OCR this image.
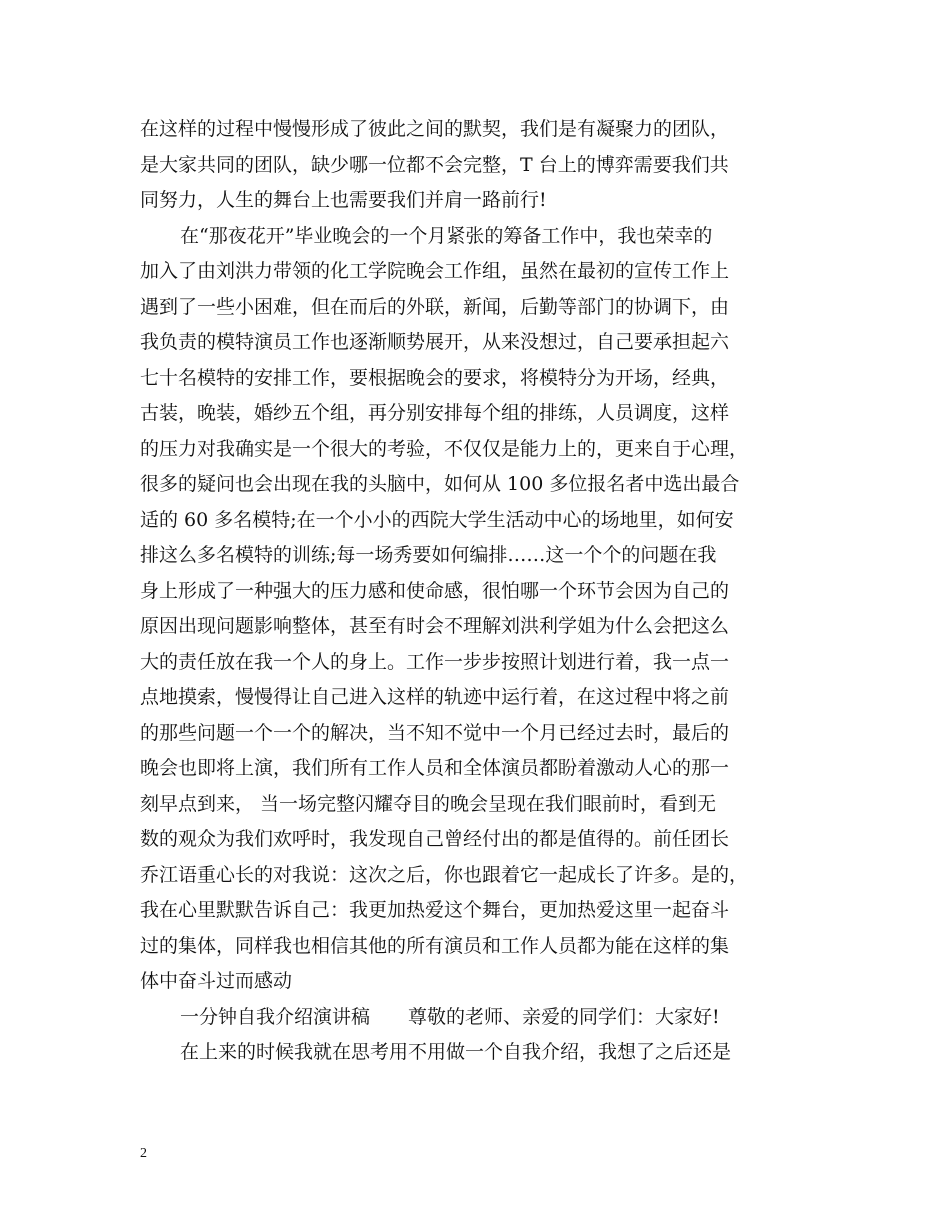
在这样的过程中慢慢形成了彼此之间的默契，我们是有凝聚力的团队，
是大家共同的团队，缺少哪一位都不会完整，T 台上的博弈需要我们共
同努力，人生的舞台上也需要我们并肩一路前行!
在“那夜花开”毕业晚会的一个月紧张的筹备工作中，我也荣幸的
加入了由刘洪力带领的化工学院晚会工作组，虽然在最初的宣传工作上
遇到了一些小困难，但在而后的外联，新闻，后勤等部门的协调下，由
我负责的模特演员工作也逐渐顺势展开，从来没想过，自己要承担起六
七十名模特的安排工作，要根据晚会的要求，将模特分为开场，经典，
古装，晚装，婚纱五个组，再分别安排每个组的排练，人员调度，这样
的压力对我确实是一个很大的考验，不仅仅是能力上的，更来自于心理，
很多的疑问也会出现在我的头脑中，如何从 100 多位报名者中选出最合
适的 60 多名模特;在一个小小的西院大学生活动中心的场地里，如何安
排这么多名模特的训练;每一场秀要如何编排……这一个个的问题在我
身上形成了一种强大的压力感和使命感，很怕哪一个环节会因为自己的
原因出现问题影响整体，甚至有时会不理解刘洪利学姐为什么会把这么
大的责任放在我一个人的身上。工作一步步按照计划进行着，我一点一
点地摸索，慢慢得让自己进入这样的轨迹中运行着，在这过程中将之前
的那些问题一个一个的解决，当不知不觉中一个月已经过去时，最后的
晚会也即将上演，我们所有工作人员和全体演员都盼着激动人心的那一
刻早点到来， 当一场完整闪耀夺目的晚会呈现在我们眼前时，看到无
数的观众为我们欢呼时，我发现自己曾经付出的都是值得的。前任团长
乔江语重心长的对我说：这次之后，你也跟着它一起成长了许多。是的，
我在心里默默告诉自己：我更加热爱这个舞台，更加热爱这里一起奋斗
过的集体，同样我也相信其他的所有演员和工作人员都为能在这样的集
体中奋斗过而感动
一分钟自我介绍演讲稿　　尊敬的老师、亲爱的同学们：大家好!
在上来的时候我就在思考用不用做一个自我介绍，我想了之后还是
2
